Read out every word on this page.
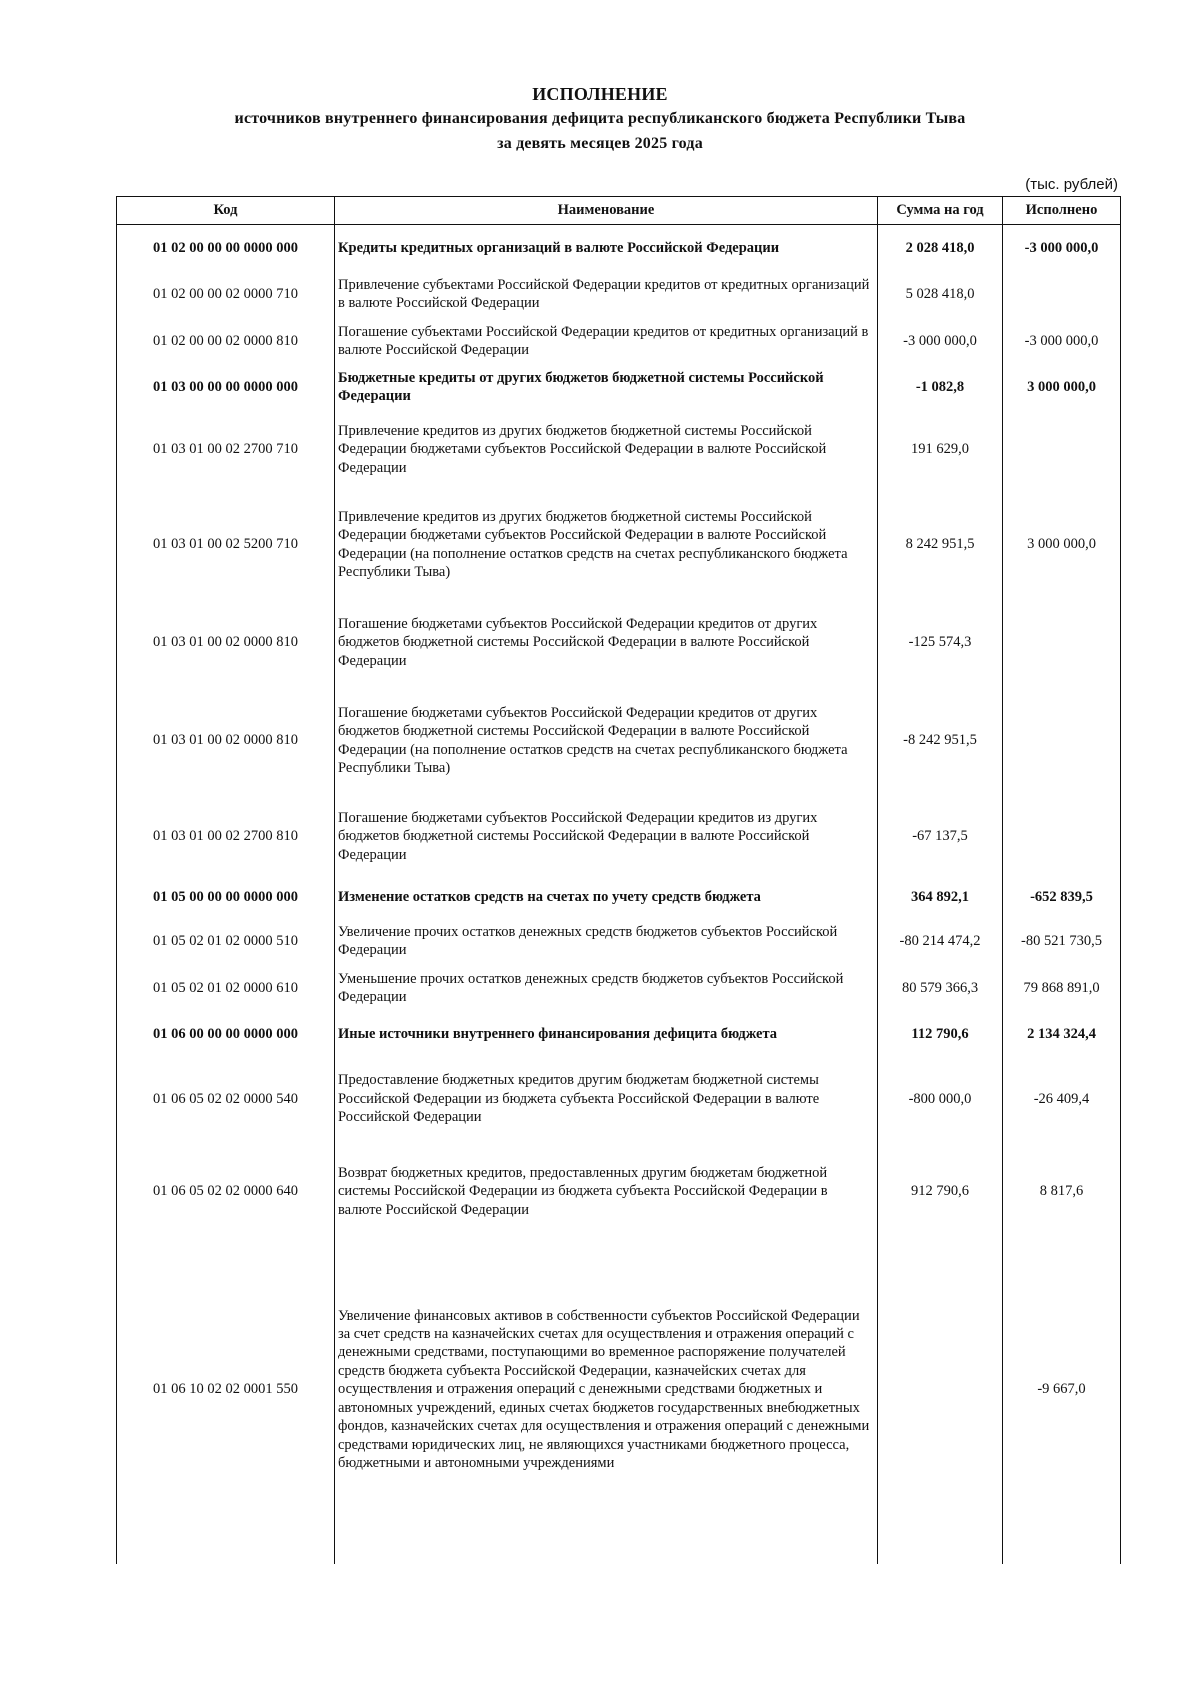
ИСПОЛНЕНИЕ
источников внутреннего финансирования дефицита республиканского бюджета Республики Тыва
за девять месяцев 2025 года
(тыс. рублей)
Код	Наименование	Сумма на год	Исполнено
01 02 00 00 00 0000 000	Кредиты кредитных организаций в валюте Российской Федерации	2 028 418,0	-3 000 000,0
01 02 00 00 02 0000 710	Привлечение субъектами Российской Федерации кредитов от кредитных организаций в валюте Российской Федерации	5 028 418,0	
01 02 00 00 02 0000 810	Погашение субъектами Российской Федерации кредитов от кредитных организаций в валюте Российской Федерации	-3 000 000,0	-3 000 000,0
01 03 00 00 00 0000 000	Бюджетные кредиты от других бюджетов бюджетной системы Российской Федерации	-1 082,8	3 000 000,0
01 03 01 00 02 2700 710	Привлечение кредитов из других бюджетов бюджетной системы Российской Федерации бюджетами субъектов Российской Федерации в валюте Российской Федерации	191 629,0	
01 03 01 00 02 5200 710	Привлечение кредитов из других бюджетов бюджетной системы Российской Федерации бюджетами субъектов Российской Федерации в валюте Российской Федерации (на пополнение остатков средств на счетах республиканского бюджета Республики Тыва)	8 242 951,5	3 000 000,0
01 03 01 00 02 0000 810	Погашение бюджетами субъектов Российской Федерации кредитов от других бюджетов бюджетной системы Российской Федерации в валюте Российской Федерации	-125 574,3	
01 03 01 00 02 0000 810	Погашение бюджетами субъектов Российской Федерации кредитов от других бюджетов бюджетной системы Российской Федерации в валюте Российской Федерации (на пополнение остатков средств на счетах республиканского бюджета Республики Тыва)	-8 242 951,5	
01 03 01 00 02 2700 810	Погашение бюджетами субъектов Российской Федерации кредитов из других бюджетов бюджетной системы Российской Федерации в валюте Российской Федерации	-67 137,5	
01 05 00 00 00 0000 000	Изменение остатков средств на счетах по учету средств бюджета	364 892,1	-652 839,5
01 05 02 01 02 0000 510	Увеличение прочих остатков денежных средств бюджетов субъектов Российской Федерации	-80 214 474,2	-80 521 730,5
01 05 02 01 02 0000 610	Уменьшение прочих остатков денежных средств бюджетов субъектов Российской Федерации	80 579 366,3	79 868 891,0
01 06 00 00 00 0000 000	Иные источники внутреннего финансирования дефицита бюджета	112 790,6	2 134 324,4
01 06 05 02 02 0000 540	Предоставление бюджетных кредитов другим бюджетам бюджетной системы Российской Федерации из бюджета субъекта Российской Федерации в валюте Российской Федерации	-800 000,0	-26 409,4
01 06 05 02 02 0000 640	Возврат бюджетных кредитов, предоставленных другим бюджетам бюджетной системы Российской Федерации из бюджета субъекта Российской Федерации в валюте Российской Федерации	912 790,6	8 817,6
01 06 10 02 02 0001 550	Увеличение финансовых активов в собственности субъектов Российской Федерации за счет средств на казначейских счетах для осуществления и отражения операций с денежными средствами, поступающими во временное распоряжение получателей средств бюджета субъекта Российской Федерации, казначейских счетах для осуществления и отражения операций с денежными средствами бюджетных и автономных учреждений, единых счетах бюджетов государственных внебюджетных фондов, казначейских счетах для осуществления и отражения операций с денежными средствами юридических лиц, не являющихся участниками бюджетного процесса, бюджетными и автономными учреждениями		-9 667,0
